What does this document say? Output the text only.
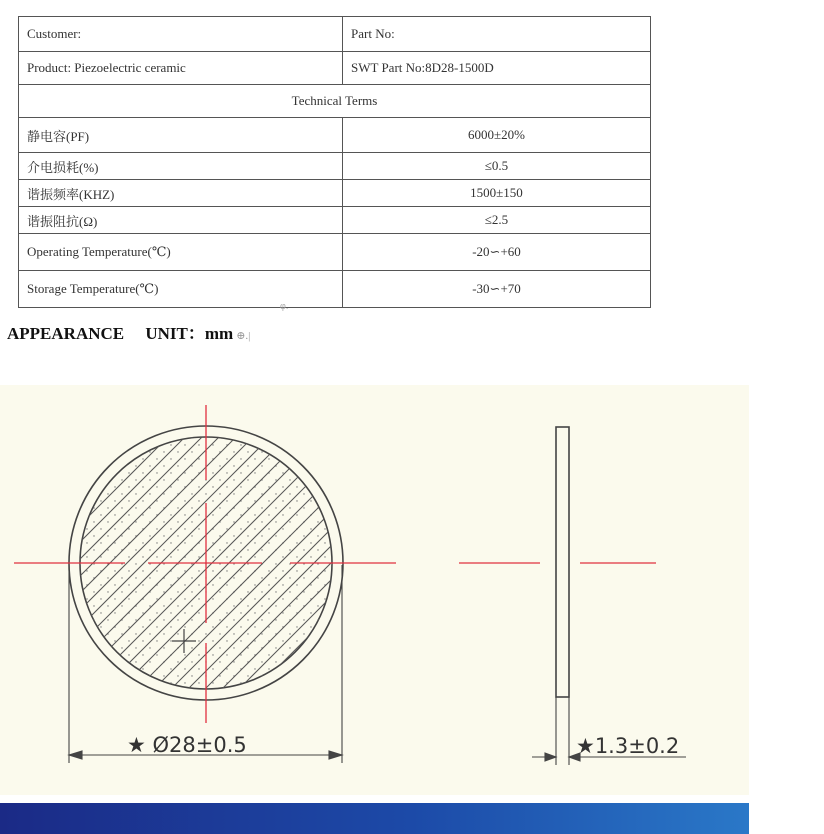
Customer:	Part No:
Product: Piezoelectric ceramic	SWT Part No:8D28-1500D
Technical Terms	
静电容(PF)	6000±20%
介电损耗(%)	≤0.5
谐振频率(KHZ)	1500±150
谐振阻抗(Ω)	≤2.5
Operating Temperature(℃)	-20∽+60
Storage Temperature(℃)	-30∽+70
φ.
APPEARANCE     UNIT：mm ⊕.|
★ Ø28±0.5	★1.3±0.2
